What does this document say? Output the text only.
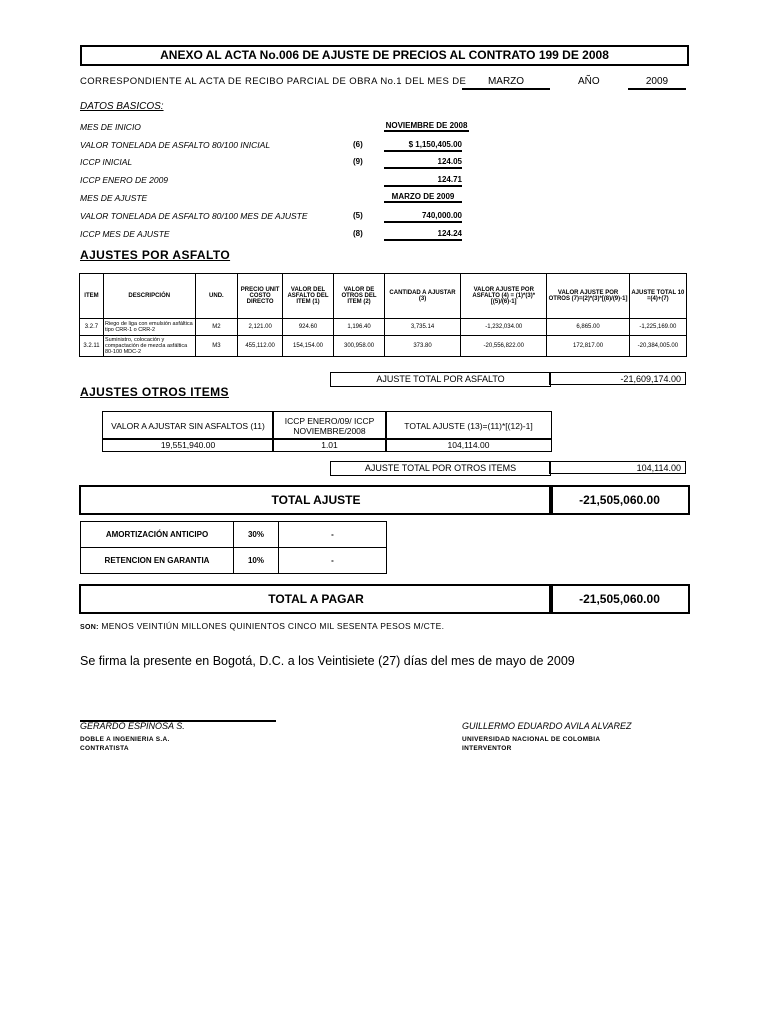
ANEXO AL ACTA No.006 DE AJUSTE DE PRECIOS AL CONTRATO 199 DE 2008
CORRESPONDIENTE AL ACTA DE RECIBO PARCIAL DE OBRA No.1 DEL MES DE	MARZO	AÑO	2009
DATOS BASICOS:
MES DE INICIO	NOVIEMBRE DE 2008
VALOR TONELADA DE ASFALTO 80/100 INICIAL	(6)	$ 1,150,405.00
ICCP INICIAL	(9)	124.05
ICCP ENERO DE 2009	124.71
MES DE AJUSTE	MARZO DE 2009
VALOR TONELADA DE ASFALTO 80/100 MES DE AJUSTE	(5)	740,000.00
ICCP MES DE AJUSTE	(8)	124.24
AJUSTES POR ASFALTO
ITEM	DESCRIPCIÓN	UND.	PRECIO UNIT COSTO DIRECTO	VALOR DEL ASFALTO DEL ITEM (1)	VALOR DE OTROS DEL ITEM (2)	CANTIDAD A AJUSTAR (3)	VALOR AJUSTE POR ASFALTO (4) = (1)*(3)*[(5)/(6)-1]	VALOR AJUSTE POR OTROS (7)=(2)*(3)*[(8)/(9)-1]	AJUSTE TOTAL 10 =(4)+(7)
3.2.7	Riego de liga con emulsión asfáltica tipo CRR-1 o CRR-2	M2	2,121.00	924.60	1,196.40	3,735.14	-1,232,034.00	6,865.00	-1,225,169.00
3.2.11	Suministro, colocación y compactación de mezcla asfáltica 80-100 MDC-2	M3	455,112.00	154,154.00	300,958.00	373.80	-20,556,822.00	172,817.00	-20,384,005.00
AJUSTE TOTAL POR ASFALTO	-21,609,174.00
AJUSTES OTROS ITEMS
VALOR A AJUSTAR SIN ASFALTOS (11)	ICCP ENERO/09/ ICCP NOVIEMBRE/2008	TOTAL AJUSTE (13)=(11)*[(12)-1]
19,551,940.00	1.01	104,114.00
AJUSTE TOTAL POR OTROS ITEMS	104,114.00
TOTAL AJUSTE	-21,505,060.00
AMORTIZACIÓN ANTICIPO	30%	-
RETENCION EN GARANTIA	10%	-
TOTAL A PAGAR	-21,505,060.00
SON: MENOS VEINTIÚN MILLONES QUINIENTOS CINCO MIL SESENTA PESOS M/CTE.
Se firma la presente en Bogotá, D.C. a los Veintisiete (27) días del mes de mayo de 2009
GERARDO ESPINOSA S.
DOBLE A INGENIERIA S.A.
CONTRATISTA
GUILLERMO EDUARDO AVILA ALVAREZ
UNIVERSIDAD NACIONAL DE COLOMBIA
INTERVENTOR
